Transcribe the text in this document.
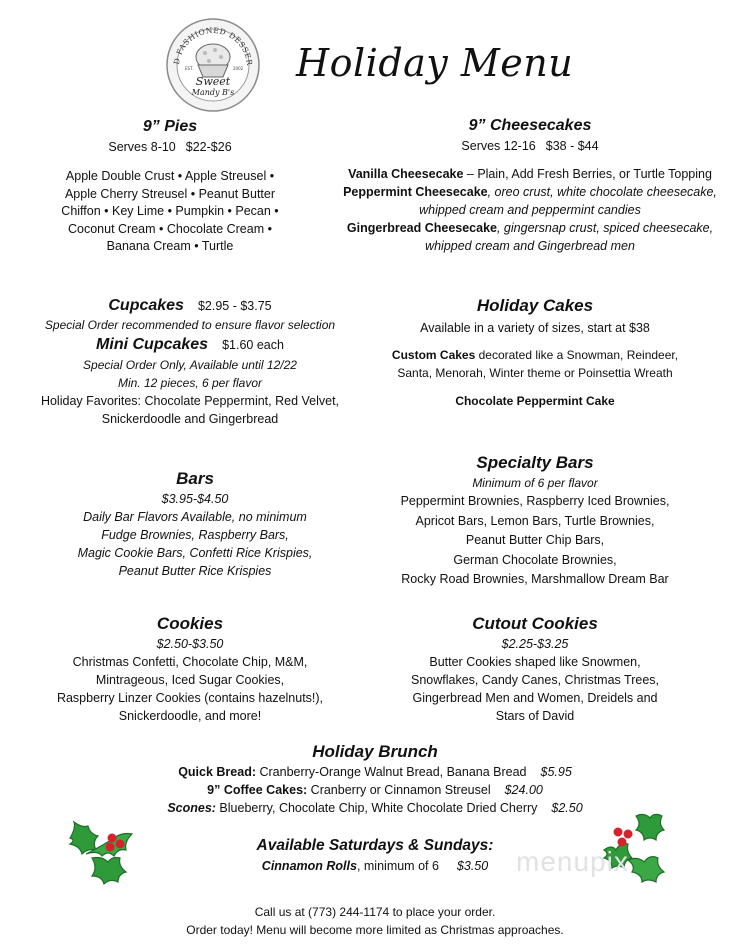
D FASHIONED DESSER
EST.	2002
Sweet
Mandy B's
Holiday Menu
9” Pies
Serves 8-10 $22-$26
Apple Double Crust • Apple Streusel •
Apple Cherry Streusel • Peanut Butter
Chiffon • Key Lime • Pumpkin • Pecan •
Coconut Cream • Chocolate Cream •
Banana Cream • Turtle
9” Cheesecakes
Serves 12-16 $38 - $44
Vanilla Cheesecake – Plain, Add Fresh Berries, or Turtle Topping
Peppermint Cheesecake, oreo crust, white chocolate cheesecake,
whipped cream and peppermint candies
Gingerbread Cheesecake, gingersnap crust, spiced cheesecake,
whipped cream and Gingerbread men
Cupcakes $2.95 - $3.75
Special Order recommended to ensure flavor selection
Mini Cupcakes $1.60 each
Special Order Only, Available until 12/22
Min. 12 pieces, 6 per flavor
Holiday Favorites: Chocolate Peppermint, Red Velvet,
Snickerdoodle and Gingerbread
Holiday Cakes
Available in a variety of sizes, start at $38
Custom Cakes decorated like a Snowman, Reindeer,
Santa, Menorah, Winter theme or Poinsettia Wreath
Chocolate Peppermint Cake
Bars
$3.95-$4.50
Daily Bar Flavors Available, no minimum
Fudge Brownies, Raspberry Bars,
Magic Cookie Bars, Confetti Rice Krispies,
Peanut Butter Rice Krispies
Specialty Bars
Minimum of 6 per flavor
Peppermint Brownies, Raspberry Iced Brownies,
Apricot Bars, Lemon Bars, Turtle Brownies,
Peanut Butter Chip Bars,
German Chocolate Brownies,
Rocky Road Brownies, Marshmallow Dream Bar
Cookies
$2.50-$3.50
Christmas Confetti, Chocolate Chip, M&M,
Mintrageous, Iced Sugar Cookies,
Raspberry Linzer Cookies (contains hazelnuts!),
Snickerdoodle, and more!
Cutout Cookies
$2.25-$3.25
Butter Cookies shaped like Snowmen,
Snowflakes, Candy Canes, Christmas Trees,
Gingerbread Men and Women, Dreidels and
Stars of David
Holiday Brunch
Quick Bread: Cranberry-Orange Walnut Bread, Banana Bread $5.95
9” Coffee Cakes: Cranberry or Cinnamon Streusel $24.00
Scones: Blueberry, Chocolate Chip, White Chocolate Dried Cherry $2.50
Available Saturdays & Sundays:
Cinnamon Rolls, minimum of 6 $3.50 menupix
Call us at (773) 244-1174 to place your order.
Order today! Menu will become more limited as Christmas approaches.
